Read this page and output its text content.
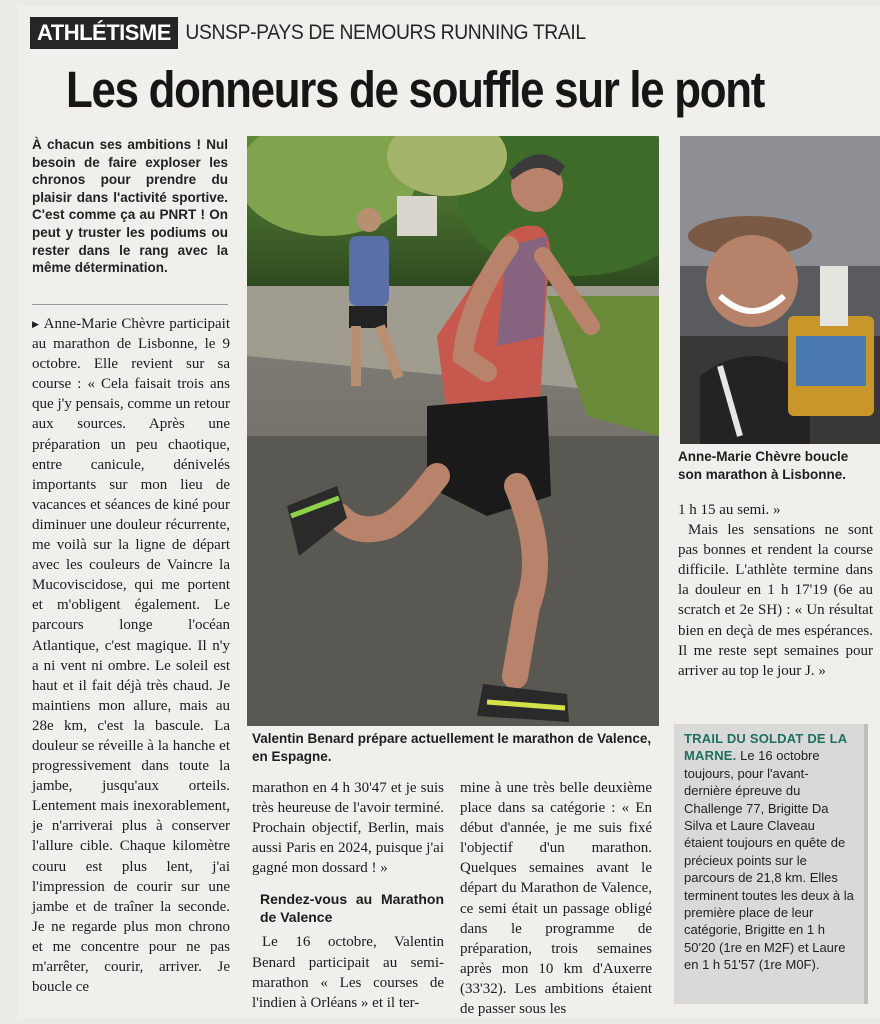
ATHLÉTISME USNSP-PAYS DE NEMOURS RUNNING TRAIL
Les donneurs de souffle sur le pont
À chacun ses ambitions ! Nul besoin de faire exploser les chronos pour prendre du plaisir dans l'activité sportive. C'est comme ça au PNRT ! On peut y truster les podiums ou rester dans le rang avec la même détermination.

▶ Anne-Marie Chèvre participait au marathon de Lisbonne, le 9 octobre. Elle revient sur sa course : « Cela faisait trois ans que j'y pensais, comme un retour aux sources. Après une préparation un peu chaotique, entre canicule, dénivelés importants sur mon lieu de vacances et séances de kiné pour diminuer une douleur récurrente, me voilà sur la ligne de départ avec les couleurs de Vaincre la Mucoviscidose, qui me portent et m'obligent également. Le parcours longe l'océan Atlantique, c'est magique. Il n'y a ni vent ni ombre. Le soleil est haut et il fait déjà très chaud. Je maintiens mon allure, mais au 28e km, c'est la bascule. La douleur se réveille à la hanche et progressivement dans toute la jambe, jusqu'aux orteils. Lentement mais inexorablement, je n'arriverai plus à conserver l'allure cible. Chaque kilomètre couru est plus lent, j'ai l'impression de courir sur une jambe et de traîner la seconde. Je ne regarde plus mon chrono et me concentre pour ne pas m'arrêter, courir, arriver. Je boucle ce

Valentin Benard prépare actuellement le marathon de Valence, en Espagne.
Anne-Marie Chèvre boucle son marathon à Lisbonne.

marathon en 4 h 30'47 et je suis très heureuse de l'avoir terminé. Prochain objectif, Berlin, mais aussi Paris en 2024, puisque j'ai gagné mon dossard ! »

Rendez-vous au Marathon de Valence

Le 16 octobre, Valentin Benard participait au semi-marathon « Les courses de l'indien à Orléans » et il ter-

mine à une très belle deuxième place dans sa catégorie : « En début d'année, je me suis fixé l'objectif d'un marathon. Quelques semaines avant le départ du Marathon de Valence, ce semi était un passage obligé dans le programme de préparation, trois semaines après mon 10 km d'Auxerre (33'32). Les ambitions étaient de passer sous les

1 h 15 au semi. »

Mais les sensations ne sont pas bonnes et rendent la course difficile. L'athlète termine dans la douleur en 1 h 17'19 (6e au scratch et 2e SH) : « Un résultat bien en deçà de mes espérances. Il me reste sept semaines pour arriver au top le jour J. »

TRAIL DU SOLDAT DE LA MARNE. Le 16 octobre toujours, pour l'avant-dernière épreuve du Challenge 77, Brigitte Da Silva et Laure Claveau étaient toujours en quête de précieux points sur le parcours de 21,8 km. Elles terminent toutes les deux à la première place de leur catégorie, Brigitte en 1 h 50'20 (1re en M2F) et Laure en 1 h 51'57 (1re M0F).
